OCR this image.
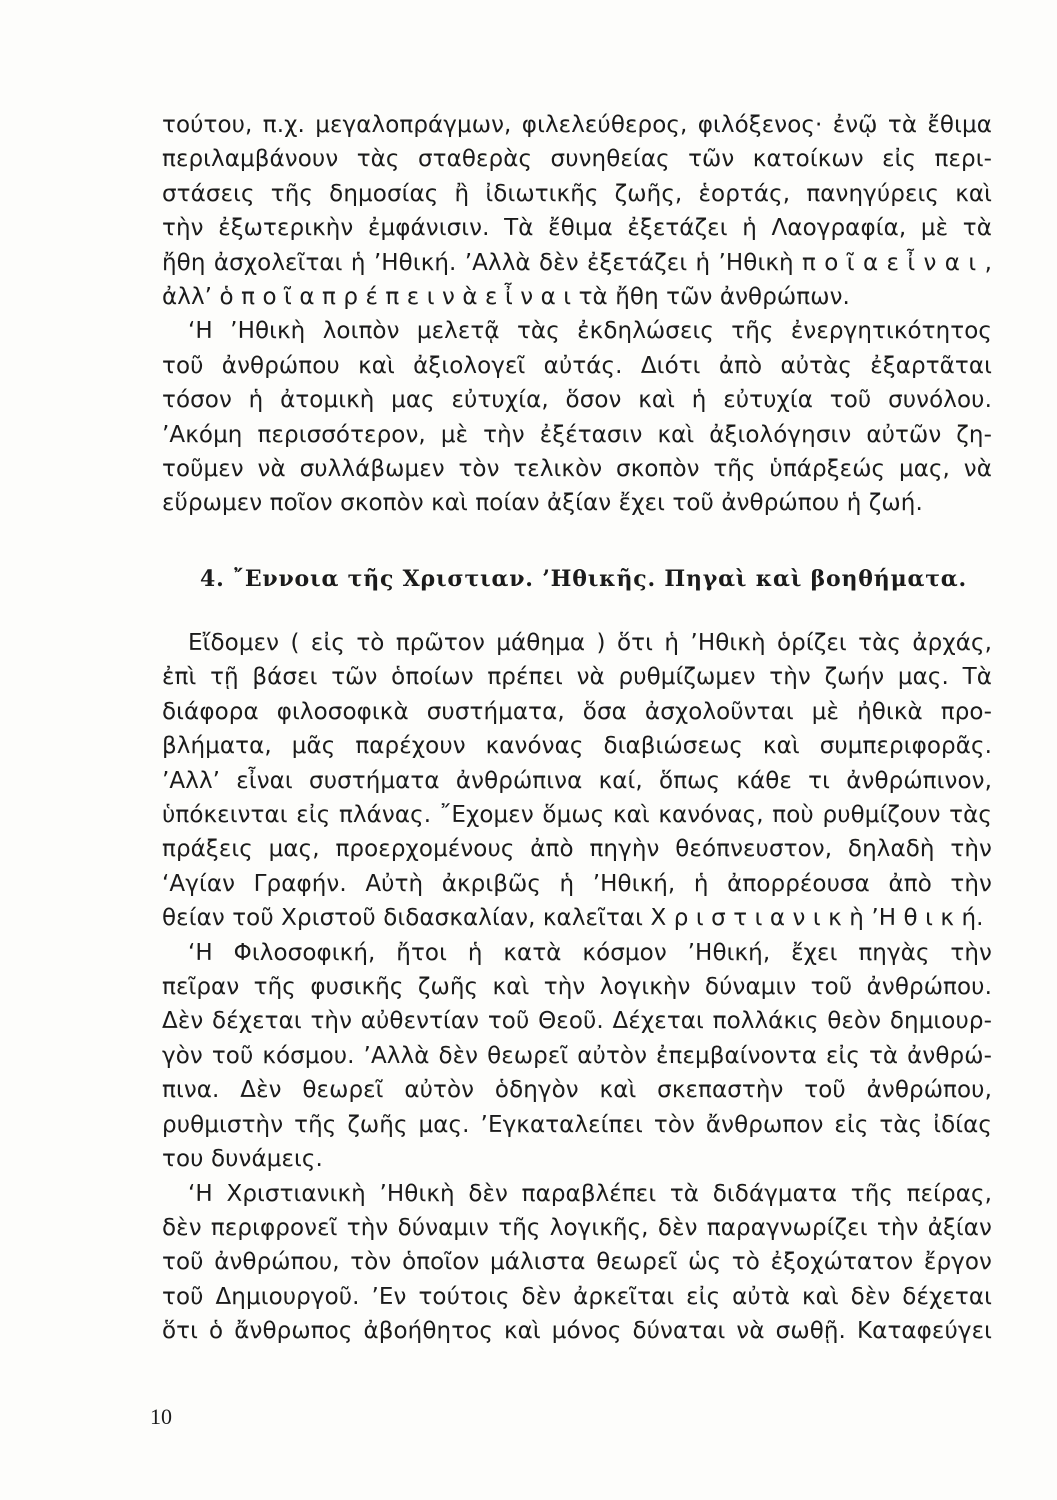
τούτου, π.χ. μεγαλοπράγμων, φιλελεύθερος, φιλόξενος· ἐνῷ τὰ ἔθιμα
περιλαμβάνουν τὰς σταθερὰς συνηθείας τῶν κατοίκων εἰς περι-
στάσεις τῆς δημοσίας ἢ ἰδιωτικῆς ζωῆς, ἑορτάς, πανηγύρεις καὶ
τὴν ἐξωτερικὴν ἐμφάνισιν. Τὰ ἔθιμα ἐξετάζει ἡ Λαογραφία, μὲ τὰ
ἤθη ἀσχολεῖται ἡ ’Ηθική. ’Αλλὰ δὲν ἐξετάζει ἡ ’Ηθικὴ π ο ῖ α ε ἶ ν α ι ,
ἀλλ’ ὁ π ο ῖ α π ρ έ π ε ι ν ὰ ε ἶ ν α ι τὰ ἤθη τῶν ἀνθρώπων.
‘Η ’Ηθικὴ λοιπὸν μελετᾷ τὰς ἐκδηλώσεις τῆς ἐνεργητικότητος
τοῦ ἀνθρώπου καὶ ἀξιολογεῖ αὐτάς. Διότι ἀπὸ αὐτὰς ἐξαρτᾶται
τόσον ἡ ἀτομικὴ μας εὐτυχία, ὅσον καὶ ἡ εὐτυχία τοῦ συνόλου.
’Ακόμη περισσότερον, μὲ τὴν ἐξέτασιν καὶ ἀξιολόγησιν αὐτῶν ζη-
τοῦμεν νὰ συλλάβωμεν τὸν τελικὸν σκοπὸν τῆς ὑπάρξεώς μας, νὰ
εὕρωμεν ποῖον σκοπὸν καὶ ποίαν ἀξίαν ἔχει τοῦ ἀνθρώπου ἡ ζωή.
4. ῎Εννοια τῆς Χριστιαν. ’Ηθικῆς. Πηγαὶ καὶ βοηθήματα.
Εἴδομεν ( εἰς τὸ πρῶτον μάθημα ) ὅτι ἡ ’Ηθικὴ ὁρίζει τὰς ἀρχάς,
ἐπὶ τῇ βάσει τῶν ὁποίων πρέπει νὰ ρυθμίζωμεν τὴν ζωήν μας. Τὰ
διάφορα φιλοσοφικὰ συστήματα, ὅσα ἀσχολοῦνται μὲ ἠθικὰ προ-
βλήματα, μᾶς παρέχουν κανόνας διαβιώσεως καὶ συμπεριφορᾶς.
’Αλλ’ εἶναι συστήματα ἀνθρώπινα καί, ὅπως κάθε τι ἀνθρώπινον,
ὑπόκεινται εἰς πλάνας. ῎Εχομεν ὅμως καὶ κανόνας, ποὺ ρυθμίζουν τὰς
πράξεις μας, προερχομένους ἀπὸ πηγὴν θεόπνευστον, δηλαδὴ τὴν
‘Αγίαν Γραφήν. Αὐτὴ ἀκριβῶς ἡ ’Ηθική, ἡ ἀπορρέουσα ἀπὸ τὴν
θείαν τοῦ Χριστοῦ διδασκαλίαν, καλεῖται Χ ρ ι σ τ ι α ν ι κ ὴ ’Η θ ι κ ή.
‘Η Φιλοσοφική, ἤτοι ἡ κατὰ κόσμον ’Ηθική, ἔχει πηγὰς τὴν
πεῖραν τῆς φυσικῆς ζωῆς καὶ τὴν λογικὴν δύναμιν τοῦ ἀνθρώπου.
Δὲν δέχεται τὴν αὐθεντίαν τοῦ Θεοῦ. Δέχεται πολλάκις θεὸν δημιουρ-
γὸν τοῦ κόσμου. ’Αλλὰ δὲν θεωρεῖ αὐτὸν ἐπεμβαίνοντα εἰς τὰ ἀνθρώ-
πινα. Δὲν θεωρεῖ αὐτὸν ὁδηγὸν καὶ σκεπαστὴν τοῦ ἀνθρώπου,
ρυθμιστὴν τῆς ζωῆς μας. ’Εγκαταλείπει τὸν ἄνθρωπον εἰς τὰς ἰδίας
του δυνάμεις.
‘Η Χριστιανικὴ ’Ηθικὴ δὲν παραβλέπει τὰ διδάγματα τῆς πείρας,
δὲν περιφρονεῖ τὴν δύναμιν τῆς λογικῆς, δὲν παραγνωρίζει τὴν ἀξίαν
τοῦ ἀνθρώπου, τὸν ὁποῖον μάλιστα θεωρεῖ ὡς τὸ ἐξοχώτατον ἔργον
τοῦ Δημιουργοῦ. ’Εν τούτοις δὲν ἀρκεῖται εἰς αὐτὰ καὶ δὲν δέχεται
ὅτι ὁ ἄνθρωπος ἀβοήθητος καὶ μόνος δύναται νὰ σωθῇ. Καταφεύγει
10
